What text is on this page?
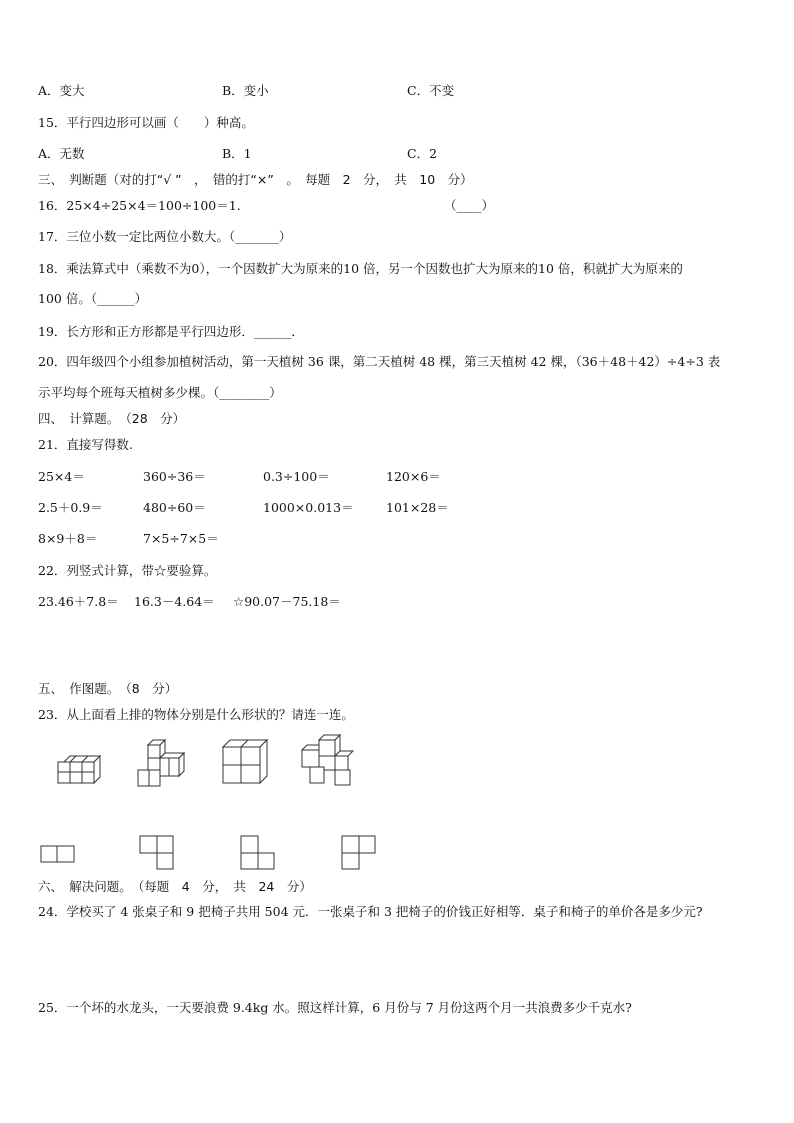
A．变大	B．变小	C．不变
15．平行四边形可以画（　　）种高。
A．无数	B．1	C．2
三、　判断题（对的打“√ ”　，　错的打“×”　。　每题　2　分，　共　10　分）
16．25×4÷25×4＝100÷100＝1.	（____）
17．三位小数一定比两位小数大。（_______）
18．乘法算式中（乘数不为0），一个因数扩大为原来的10 倍，另一个因数也扩大为原来的10 倍，积就扩大为原来的
100 倍。（______）
19．长方形和正方形都是平行四边形．______．
20．四年级四个小组参加植树活动，第一天植树 36 课，第二天植树 48 棵，第三天植树 42 棵，（36＋48＋42）÷4÷3 表
示平均每个班每天植树多少棵。（________）
四、　计算题。　（28　分）
21．直接写得数.
25×4＝	360÷36＝	0.3÷100＝	120×6＝
2.5＋0.9＝	480÷60＝	1000×0.013＝	101×28＝
8×9＋8＝	7×5÷7×5＝
22．列竖式计算，带☆要验算。
23.46＋7.8＝ 16.3－4.64＝ ☆90.07－75.18＝
五、　作图题。　（8　分）
23．从上面看上排的物体分别是什么形状的？请连一连。
六、　解决问题。　（每题　4　分，　共　24　分）
24．学校买了 4 张桌子和 9 把椅子共用 504 元．一张桌子和 3 把椅子的价钱正好相等．桌子和椅子的单价各是多少元?
25．一个坏的水龙头，一天要浪费 9.4kg 水。照这样计算，6 月份与 7 月份这两个月一共浪费多少千克水?
